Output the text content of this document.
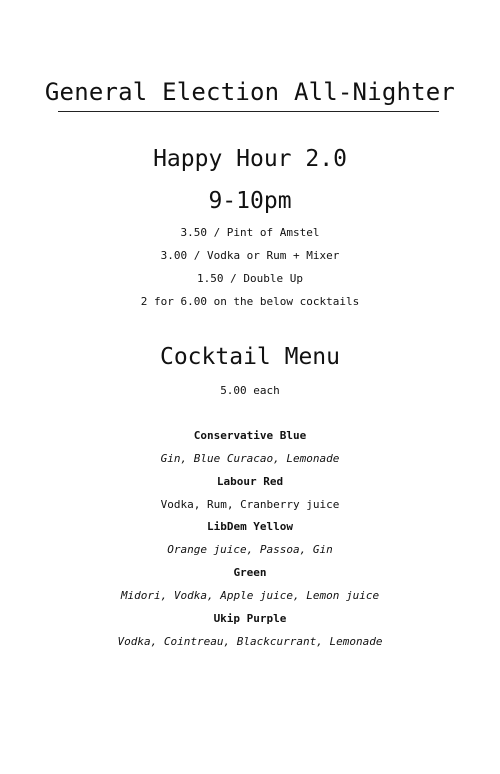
General Election All-Nighter
Happy Hour 2.0
9-10pm
3.50 / Pint of Amstel
3.00 / Vodka or Rum + Mixer
1.50 / Double Up
2 for 6.00 on the below cocktails
Cocktail Menu
5.00 each
Conservative Blue
Gin, Blue Curacao, Lemonade
Labour Red
Vodka, Rum, Cranberry juice
LibDem Yellow
Orange juice, Passoa, Gin
Green
Midori, Vodka, Apple juice, Lemon juice
Ukip Purple
Vodka, Cointreau, Blackcurrant, Lemonade
